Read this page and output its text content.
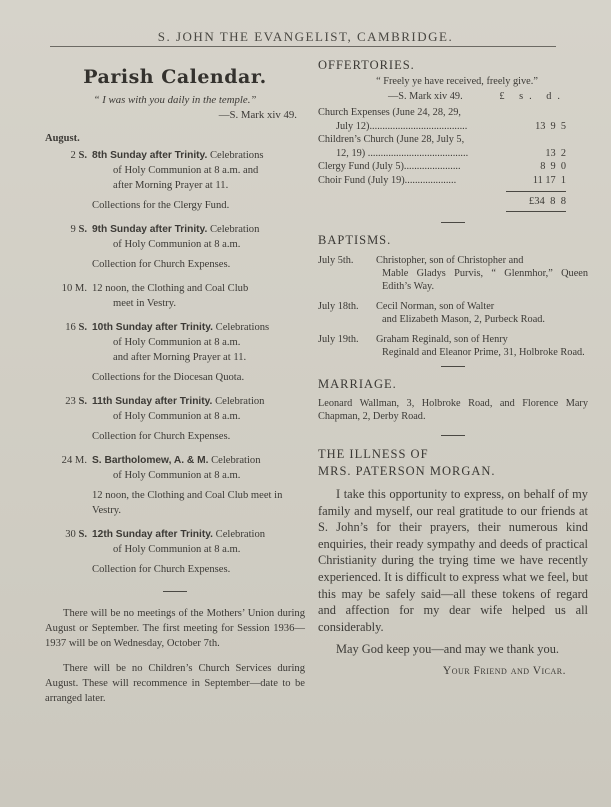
S. JOHN THE EVANGELIST, CAMBRIDGE.
Parish Calendar.
“ I was with you daily in the temple.”
—S. Mark xiv 49.
August.
2 S. 8th Sunday after Trinity. Celebrations
of Holy Communion at 8 a.m. and
after Morning Prayer at 11.
Collections for the Clergy Fund.
9 S. 9th Sunday after Trinity. Celebration
of Holy Communion at 8 a.m.
Collection for Church Expenses.
10 M. 12 noon, the Clothing and Coal Club
meet in Vestry.
16 S. 10th Sunday after Trinity. Celebrations
of Holy Communion at 8 a.m.
and after Morning Prayer at 11.
Collections for the Diocesan Quota.
23 S. 11th Sunday after Trinity. Celebration
of Holy Communion at 8 a.m.
Collection for Church Expenses.
24 M. S. Bartholomew, A. & M. Celebration
of Holy Communion at 8 a.m.
12 noon, the Clothing and Coal Club meet in Vestry.
30 S. 12th Sunday after Trinity. Celebration
of Holy Communion at 8 a.m.
Collection for Church Expenses.
There will be no meetings of the Mothers’ Union during August or September. The first meeting for Session 1936—1937 will be on Wednesday, October 7th.
There will be no Children’s Church Services during August. These will recommence in September—date to be arranged later.
OFFERTORIES.
“ Freely ye have received, freely give.”
—S. Mark xiv 49.	£ s. d.
Church Expenses (June 24, 28, 29,
July 12)......................................	13  9  5
Children’s Church (June 28, July 5,
12, 19) .......................................	13  2
Clergy Fund (July 5)......................	8  9  0
Choir Fund (July 19)....................	11 17  1
£34  8  8
BAPTISMS.
July 5th.	Christopher, son of Christopher and
Mable Gladys Purvis, “ Glenmhor,” Queen Edith’s Way.
July 18th.	Cecil Norman, son of Walter
and Elizabeth Mason, 2, Purbeck Road.
July 19th.	Graham Reginald, son of Henry
Reginald and Eleanor Prime, 31, Holbroke Road.
MARRIAGE.
Leonard Wallman, 3, Holbroke Road, and Florence Mary Chapman, 2, Derby Road.
THE ILLNESS OF
MRS. PATERSON MORGAN.
I take this opportunity to express, on behalf of my family and myself, our real gratitude to our friends at S. John’s for their prayers, their numerous kind enquiries, their ready sympathy and deeds of practical Christianity during the trying time we have recently experienced. It is difficult to express what we feel, but this may be safely said—all these tokens of regard and affection for my dear wife helped us all considerably.
May God keep you—and may we thank you.
Your Friend and Vicar.
